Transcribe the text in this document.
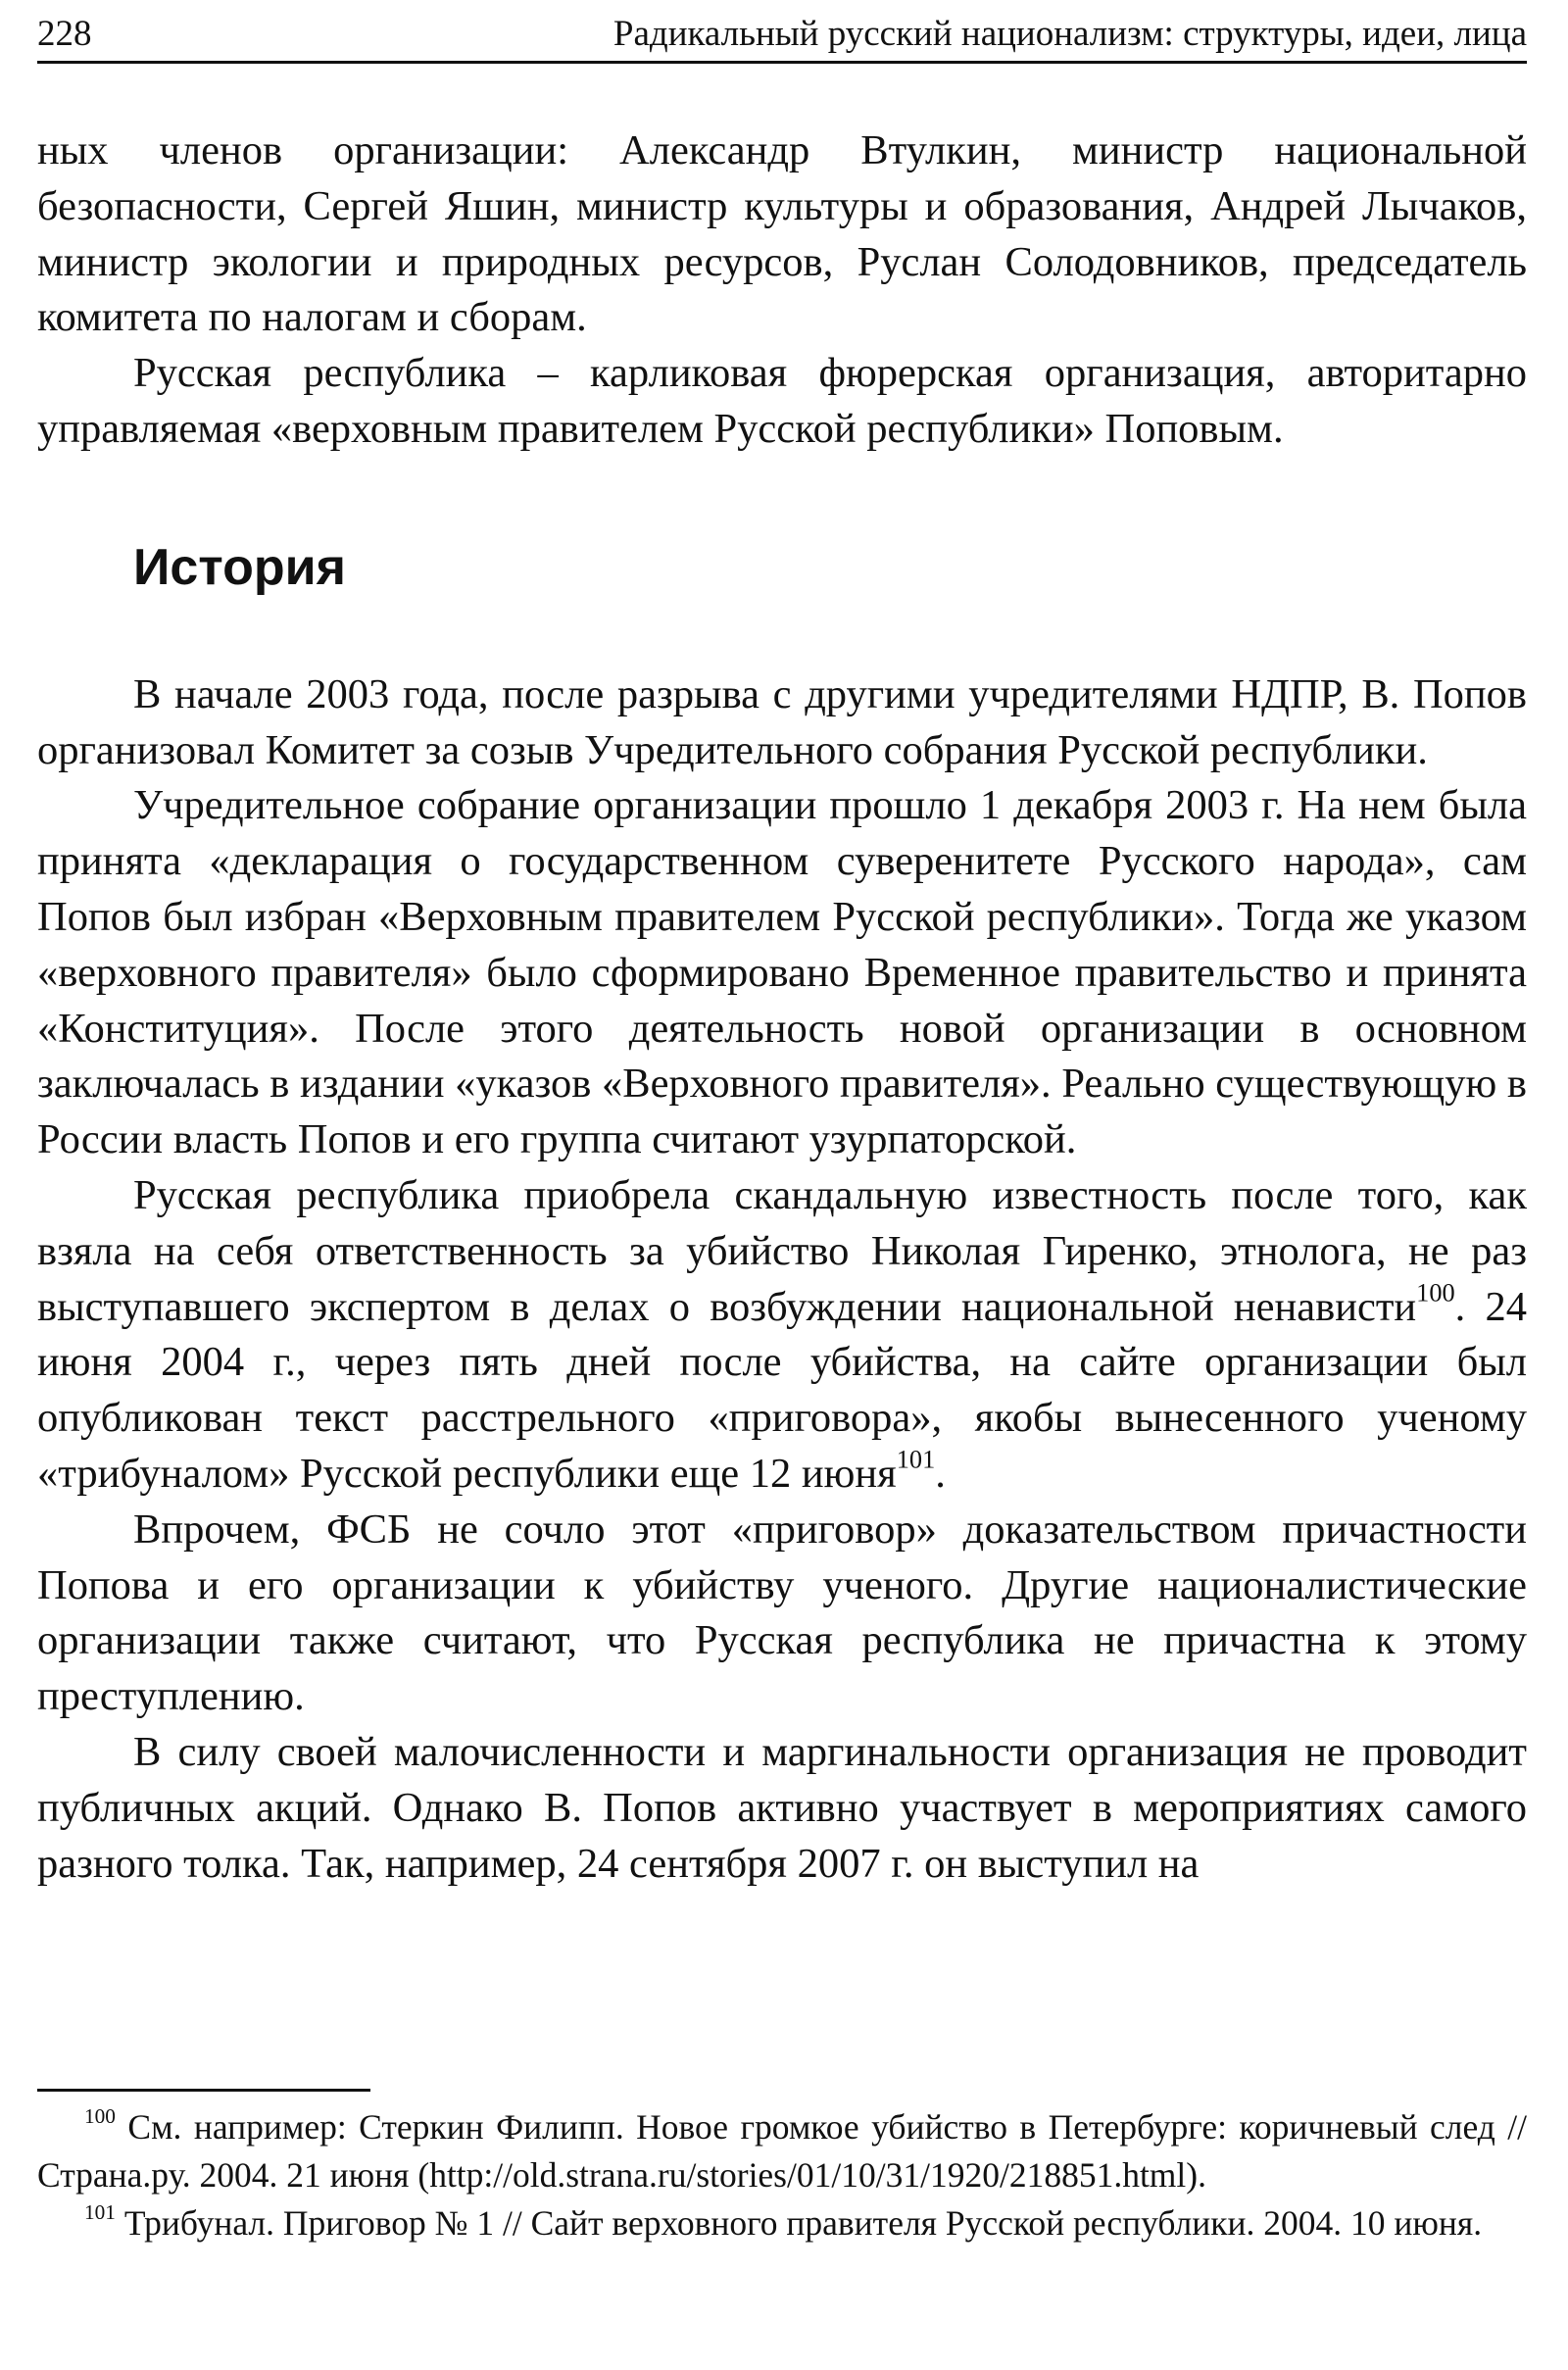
228	Радикальный русский национализм: структуры, идеи, лица

ных членов организации: Александр Втулкин, министр национальной безопасности, Сергей Яшин, министр культуры и образования, Андрей Лычаков, министр экологии и природных ресурсов, Руслан Солодовников, председатель комитета по налогам и сборам.

Русская республика – карликовая фюрерская организация, авторитарно управляемая «верховным правителем Русской республики» Поповым.

История

В начале 2003 года, после разрыва с другими учредителями НДПР, В. Попов организовал Комитет за созыв Учредительного собрания Русской республики.

Учредительное собрание организации прошло 1 декабря 2003 г. На нем была принята «декларация о государственном суверенитете Русского народа», сам Попов был избран «Верховным правителем Русской республики». Тогда же указом «верховного правителя» было сформировано Временное правительство и принята «Конституция». После этого деятельность новой организации в основном заключалась в издании «указов «Верховного правителя». Реально существующую в России власть Попов и его группа считают узурпаторской.

Русская республика приобрела скандальную известность после того, как взяла на себя ответственность за убийство Николая Гиренко, этнолога, не раз выступавшего экспертом в делах о возбуждении национальной ненависти$^{100}$. 24 июня 2004 г., через пять дней после убийства, на сайте организации был опубликован текст расстрельного «приговора», якобы вынесенного ученому «трибуналом» Русской республики еще 12 июня$^{101}$.

Впрочем, ФСБ не сочло этот «приговор» доказательством причастности Попова и его организации к убийству ученого. Другие националистические организации также считают, что Русская республика не причастна к этому преступлению.

В силу своей малочисленности и маргинальности организация не проводит публичных акций. Однако В. Попов активно участвует в мероприятиях самого разного толка. Так, например, 24 сентября 2007 г. он выступил на

$^{100}$ См. например: Стеркин Филипп. Новое громкое убийство в Петербурге: коричневый след // Страна.ру. 2004. 21 июня (http://old.strana.ru/stories/01/10/31/1920/218851.html).

$^{101}$ Трибунал. Приговор № 1 // Сайт верховного правителя Русской республики. 2004. 10 июня.
